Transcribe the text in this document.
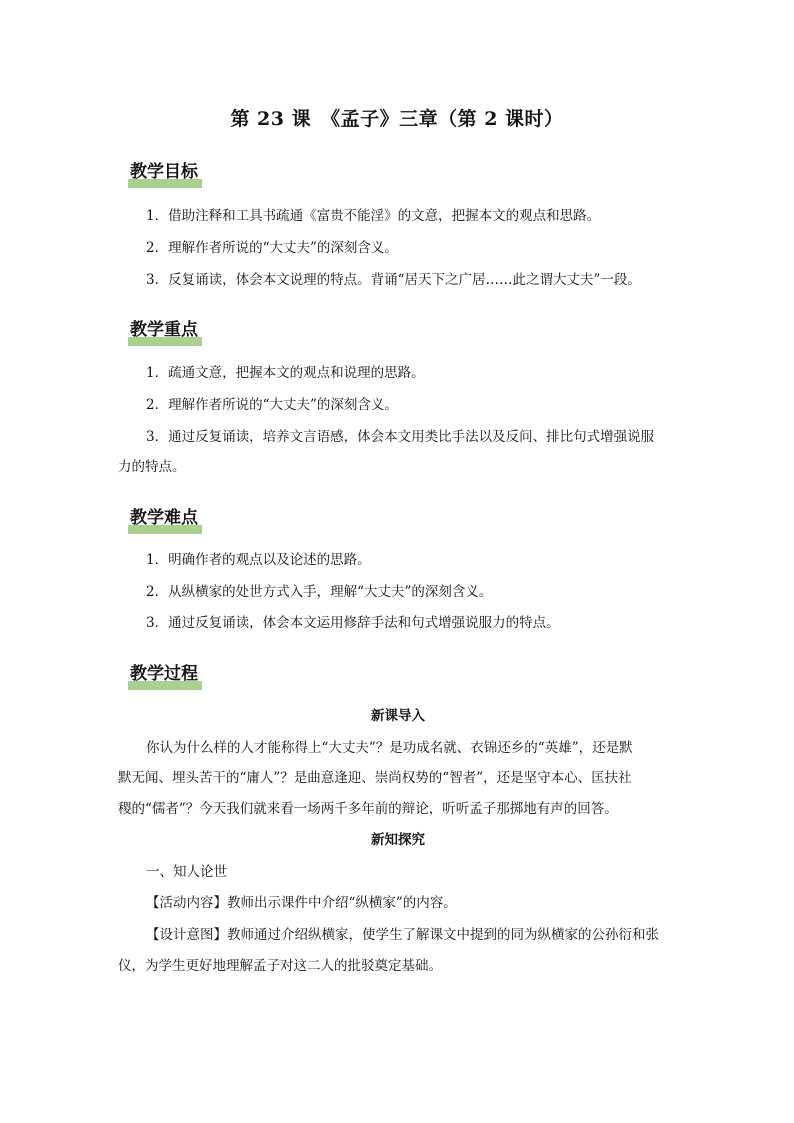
第 23 课　《孟子》三章（第 2 课时）
教学目标
1．借助注释和工具书疏通《富贵不能淫》的文意，把握本文的观点和思路。
2．理解作者所说的“大丈夫”的深刻含义。
3．反复诵读，体会本文说理的特点。背诵“居天下之广居……此之谓大丈夫”一段。
教学重点
1．疏通文意，把握本文的观点和说理的思路。
2．理解作者所说的“大丈夫”的深刻含义。
3．通过反复诵读，培养文言语感，体会本文用类比手法以及反问、排比句式增强说服
力的特点。
教学难点
1．明确作者的观点以及论述的思路。
2．从纵横家的处世方式入手，理解“大丈夫”的深刻含义。
3．通过反复诵读，体会本文运用修辞手法和句式增强说服力的特点。
教学过程
新课导入
你认为什么样的人才能称得上“大丈夫”？是功成名就、衣锦还乡的“英雄”，还是默
默无闻、埋头苦干的“庸人”？是曲意逢迎、崇尚权势的“智者”，还是坚守本心、匡扶社
稷的“儒者”？今天我们就来看一场两千多年前的辩论，听听孟子那掷地有声的回答。
新知探究
一、知人论世
【活动内容】教师出示课件中介绍“纵横家”的内容。
【设计意图】教师通过介绍纵横家，使学生了解课文中提到的同为纵横家的公孙衍和张
仪，为学生更好地理解孟子对这二人的批驳奠定基础。
